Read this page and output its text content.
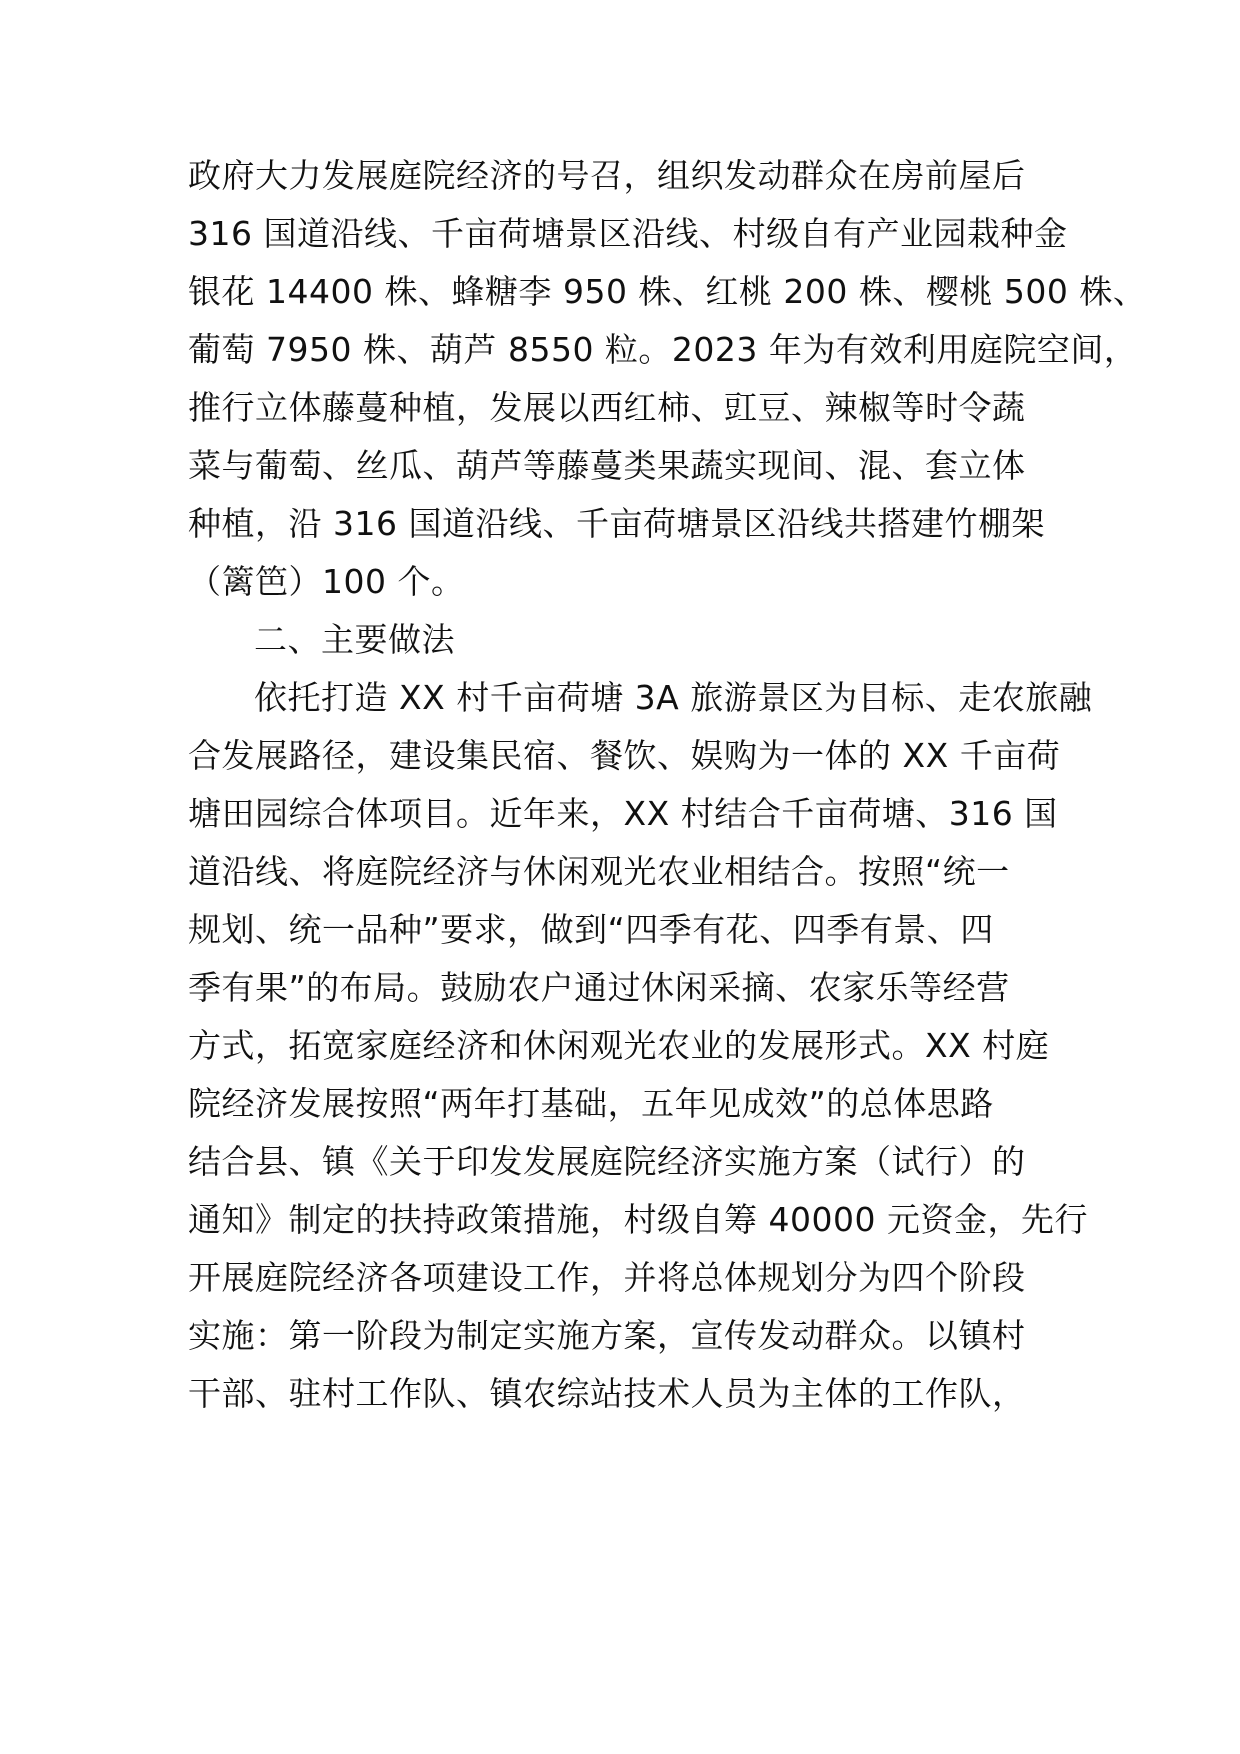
政府大力发展庭院经济的号召，组织发动群众在房前屋后
316 国道沿线、千亩荷塘景区沿线、村级自有产业园栽种金
银花 14400 株、蜂糖李 950 株、红桃 200 株、樱桃 500 株、
葡萄 7950 株、葫芦 8550 粒。2023 年为有效利用庭院空间，
推行立体藤蔓种植，发展以西红柿、豇豆、辣椒等时令蔬
菜与葡萄、丝瓜、葫芦等藤蔓类果蔬实现间、混、套立体
种植，沿 316 国道沿线、千亩荷塘景区沿线共搭建竹棚架
（篱笆）100 个。
二、主要做法
依托打造 XX 村千亩荷塘 3A 旅游景区为目标、走农旅融
合发展路径，建设集民宿、餐饮、娱购为一体的 XX 千亩荷
塘田园综合体项目。近年来，XX 村结合千亩荷塘、316 国
道沿线、将庭院经济与休闲观光农业相结合。按照“统一
规划、统一品种”要求，做到“四季有花、四季有景、四
季有果”的布局。鼓励农户通过休闲采摘、农家乐等经营
方式，拓宽家庭经济和休闲观光农业的发展形式。XX 村庭
院经济发展按照“两年打基础，五年见成效”的总体思路
结合县、镇《关于印发发展庭院经济实施方案（试行）的
通知》制定的扶持政策措施，村级自筹 40000 元资金，先行
开展庭院经济各项建设工作，并将总体规划分为四个阶段
实施：第一阶段为制定实施方案，宣传发动群众。以镇村
干部、驻村工作队、镇农综站技术人员为主体的工作队，
